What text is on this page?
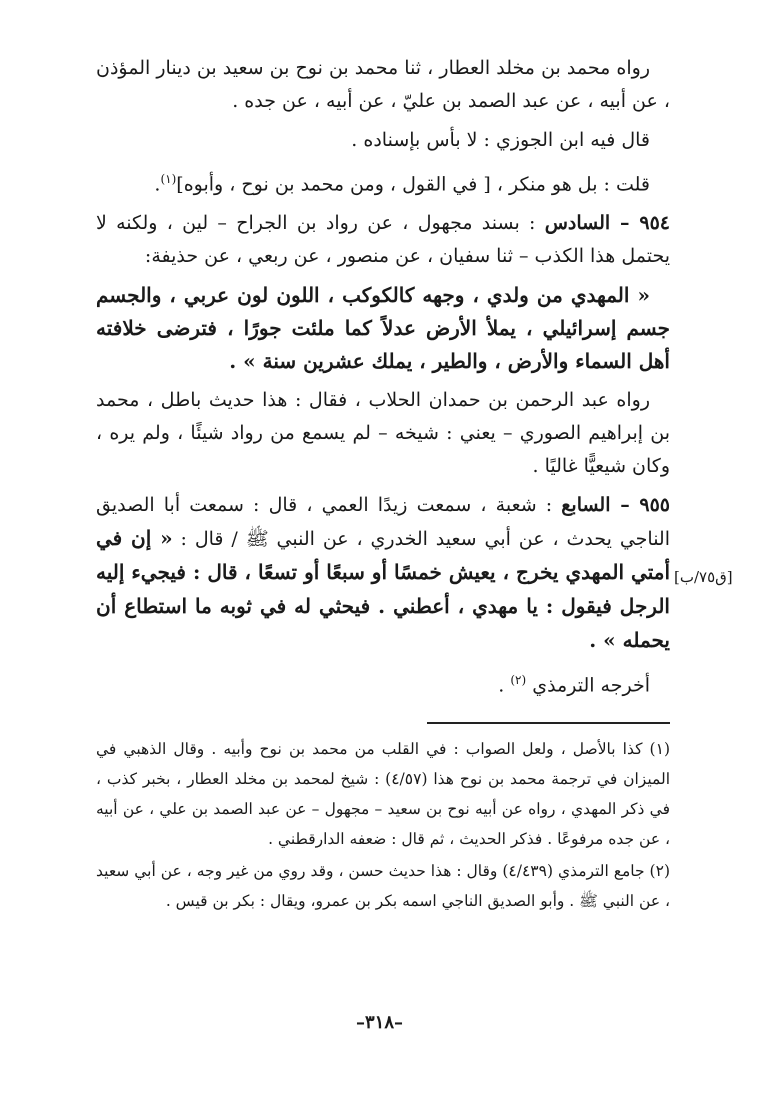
رواه محمد بن مخلد العطار ، ثنا محمد بن نوح بن سعيد بن دينار المؤذن ، عن أبيه ، عن عبد الصمد بن عليّ ، عن أبيه ، عن جده .

قال فيه ابن الجوزي : لا بأس بإسناده .

قلت : بل هو منكر ، [ في القول ، ومن محمد بن نوح ، وأبوه]$^{(١)}$.

٩٥٤ – السادس : بسند مجهول ، عن رواد بن الجراح – لين ، ولكنه لا يحتمل هذا الكذب – ثنا سفيان ، عن منصور ، عن ربعي ، عن حذيفة:

« المهدي من ولدي ، وجهه كالكوكب ، اللون لون عربي ، والجسم جسم إسرائيلي ، يملأ الأرض عدلاً كما ملئت جورًا ، فترضى خلافته أهل السماء والأرض ، والطير ، يملك عشرين سنة » .

رواه عبد الرحمن بن حمدان الحلاب ، فقال : هذا حديث باطل ، محمد بن إبراهيم الصوري – يعني : شيخه – لم يسمع من رواد شيئًا ، ولم يره ، وكان شيعيًّا غاليًا .

٩٥٥ – السابع : شعبة ، سمعت زيدًا العمي ، قال : سمعت أبا الصديق الناجي يحدث ، عن أبي سعيد الخدري ، عن النبي ﷺ / قال : « إن في أمتي المهدي يخرج ، يعيش خمسًا أو سبعًا أو تسعًا ، قال : فيجيء إليه الرجل فيقول : يا مهدي ، أعطني . فيحثي له في ثوبه ما استطاع أن يحمله » .

أخرجه الترمذي $^{(٢)}$ .

[ق٧٥/ب]

(١) كذا بالأصل ، ولعل الصواب : في القلب من محمد بن نوح وأبيه . وقال الذهبي في الميزان في ترجمة محمد بن نوح هذا (٤/٥٧) : شيخ لمحمد بن مخلد العطار ، بخبر كذب ، في ذكر المهدي ، رواه عن أبيه نوح بن سعيد – مجهول – عن عبد الصمد بن علي ، عن أبيه ، عن جده مرفوعًا . فذكر الحديث ، ثم قال : ضعفه الدارقطني .

(٢) جامع الترمذي (٤/٤٣٩) وقال : هذا حديث حسن ، وقد روي من غير وجه ، عن أبي سعيد ، عن النبي ﷺ . وأبو الصديق الناجي اسمه بكر بن عمرو، ويقال : بكر بن قيس .

–٣١٨–
